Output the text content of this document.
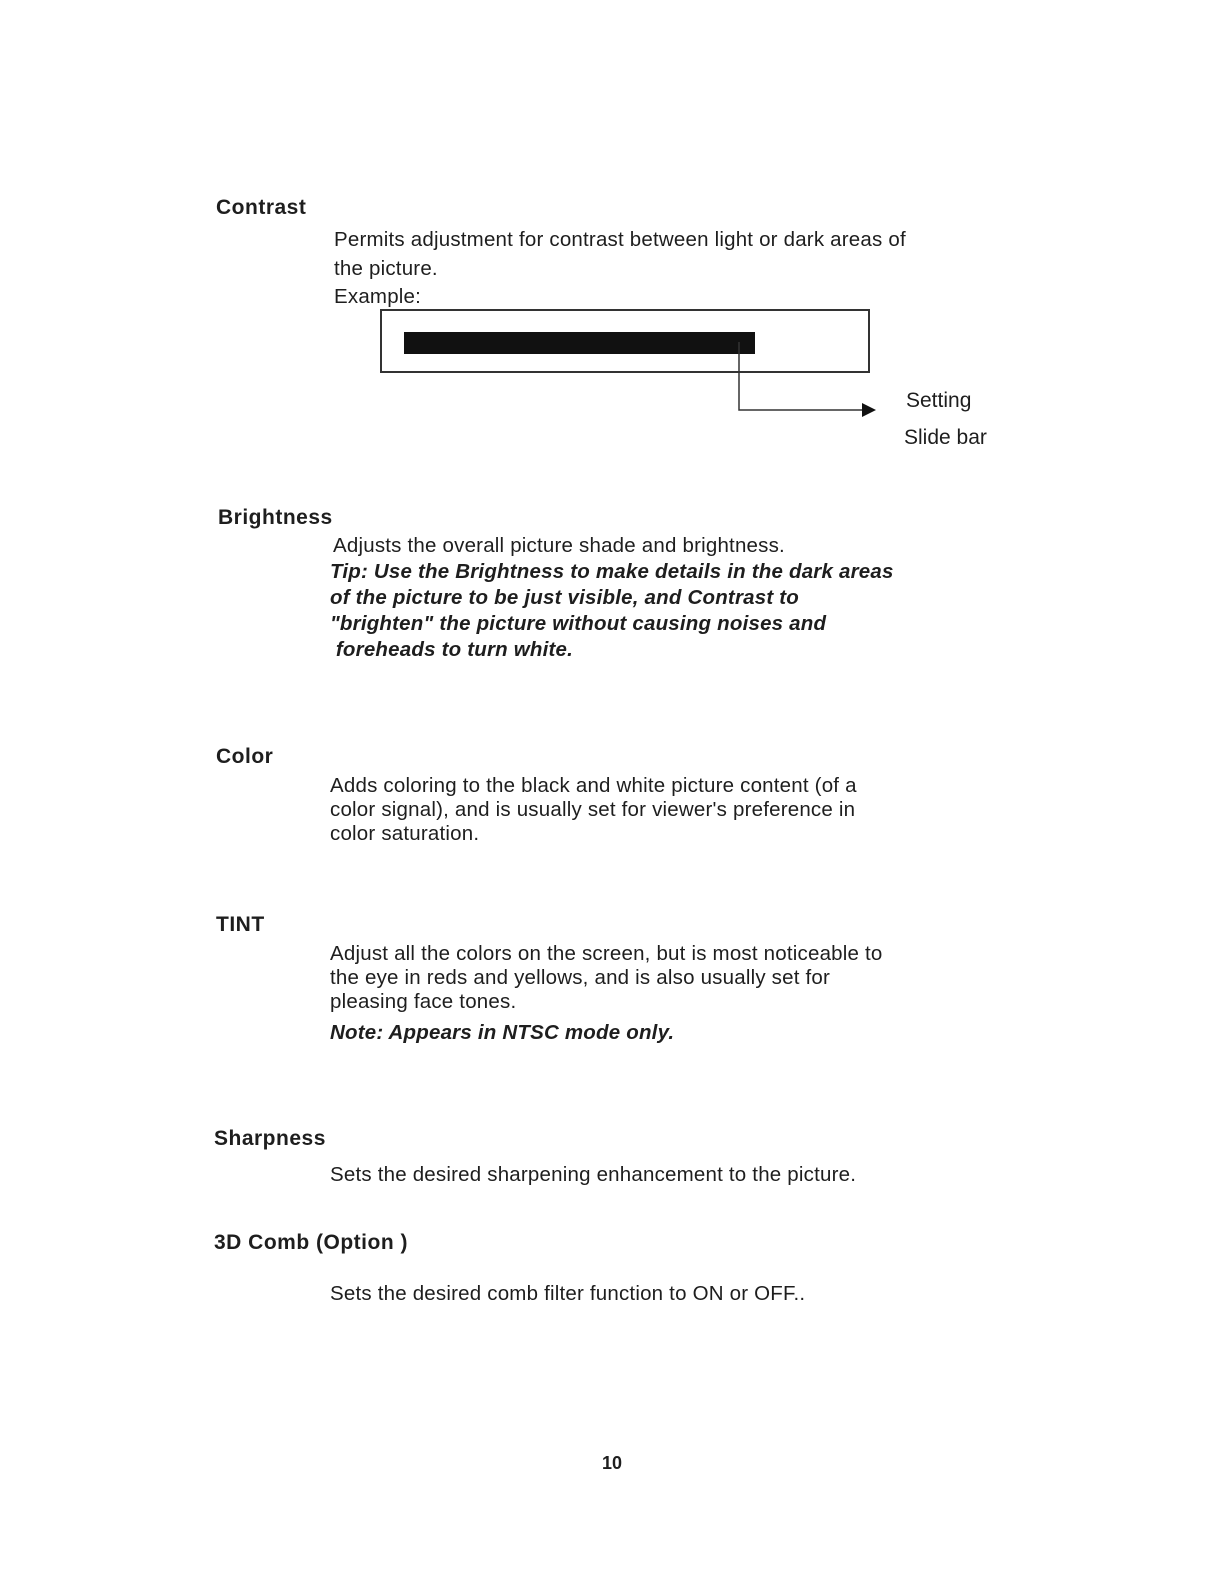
Contrast
Permits adjustment for contrast between light or dark areas of
the picture.
Example:
Setting
Slide bar
Brightness
Adjusts the overall picture shade and brightness.
Tip: Use the Brightness to make details in the dark areas
of the picture to be just visible, and Contrast to
"brighten" the picture without causing noises and
foreheads to turn white.
Color
Adds coloring to the black and white picture content (of a
color signal), and is usually set for viewer's preference in
color saturation.
TINT
Adjust all the colors on the screen, but is most noticeable to
the eye in reds and yellows, and is also usually set for
pleasing face tones.
Note: Appears in NTSC mode only.
Sharpness
Sets the desired sharpening enhancement to the picture.
3D Comb (Option )
Sets the desired comb filter function to ON or OFF..
10
